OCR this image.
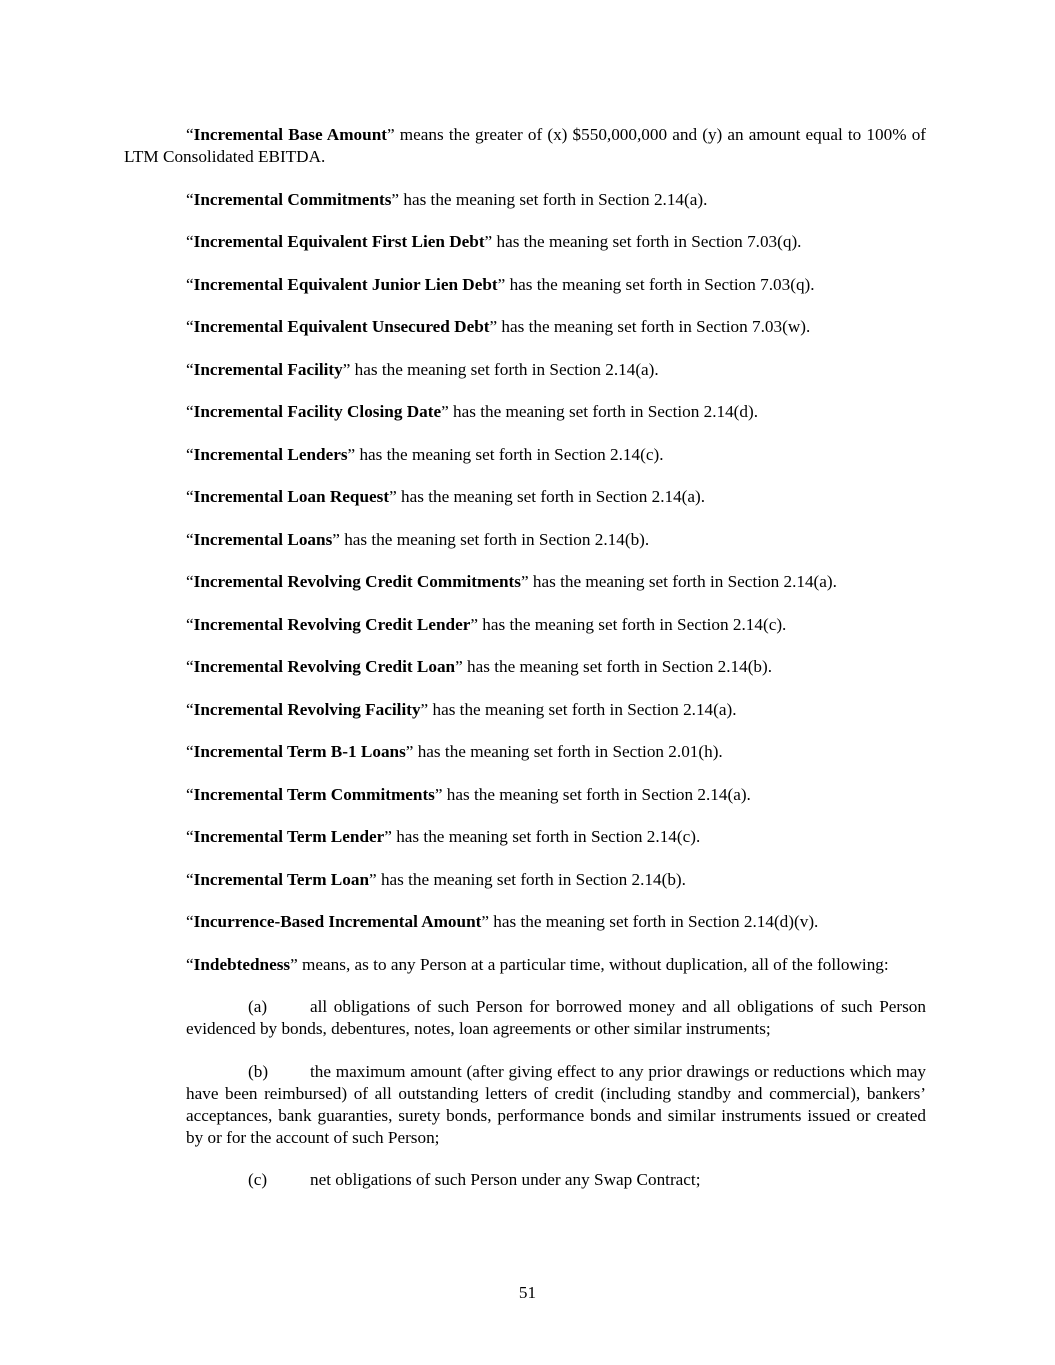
“Incremental Base Amount” means the greater of (x) $550,000,000 and (y) an amount equal to 100% of LTM Consolidated EBITDA.

“Incremental Commitments” has the meaning set forth in Section 2.14(a).

“Incremental Equivalent First Lien Debt” has the meaning set forth in Section 7.03(q).

“Incremental Equivalent Junior Lien Debt” has the meaning set forth in Section 7.03(q).

“Incremental Equivalent Unsecured Debt” has the meaning set forth in Section 7.03(w).

“Incremental Facility” has the meaning set forth in Section 2.14(a).

“Incremental Facility Closing Date” has the meaning set forth in Section 2.14(d).

“Incremental Lenders” has the meaning set forth in Section 2.14(c).

“Incremental Loan Request” has the meaning set forth in Section 2.14(a).

“Incremental Loans” has the meaning set forth in Section 2.14(b).

“Incremental Revolving Credit Commitments” has the meaning set forth in Section 2.14(a).

“Incremental Revolving Credit Lender” has the meaning set forth in Section 2.14(c).

“Incremental Revolving Credit Loan” has the meaning set forth in Section 2.14(b).

“Incremental Revolving Facility” has the meaning set forth in Section 2.14(a).

“Incremental Term B-1 Loans” has the meaning set forth in Section 2.01(h).

“Incremental Term Commitments” has the meaning set forth in Section 2.14(a).

“Incremental Term Lender” has the meaning set forth in Section 2.14(c).

“Incremental Term Loan” has the meaning set forth in Section 2.14(b).

“Incurrence-Based Incremental Amount” has the meaning set forth in Section 2.14(d)(v).

“Indebtedness” means, as to any Person at a particular time, without duplication, all of the following:

(a) all obligations of such Person for borrowed money and all obligations of such Person evidenced by bonds, debentures, notes, loan agreements or other similar instruments;

(b) the maximum amount (after giving effect to any prior drawings or reductions which may have been reimbursed) of all outstanding letters of credit (including standby and commercial), bankers’ acceptances, bank guaranties, surety bonds, performance bonds and similar instruments issued or created by or for the account of such Person;

(c) net obligations of such Person under any Swap Contract;

51
